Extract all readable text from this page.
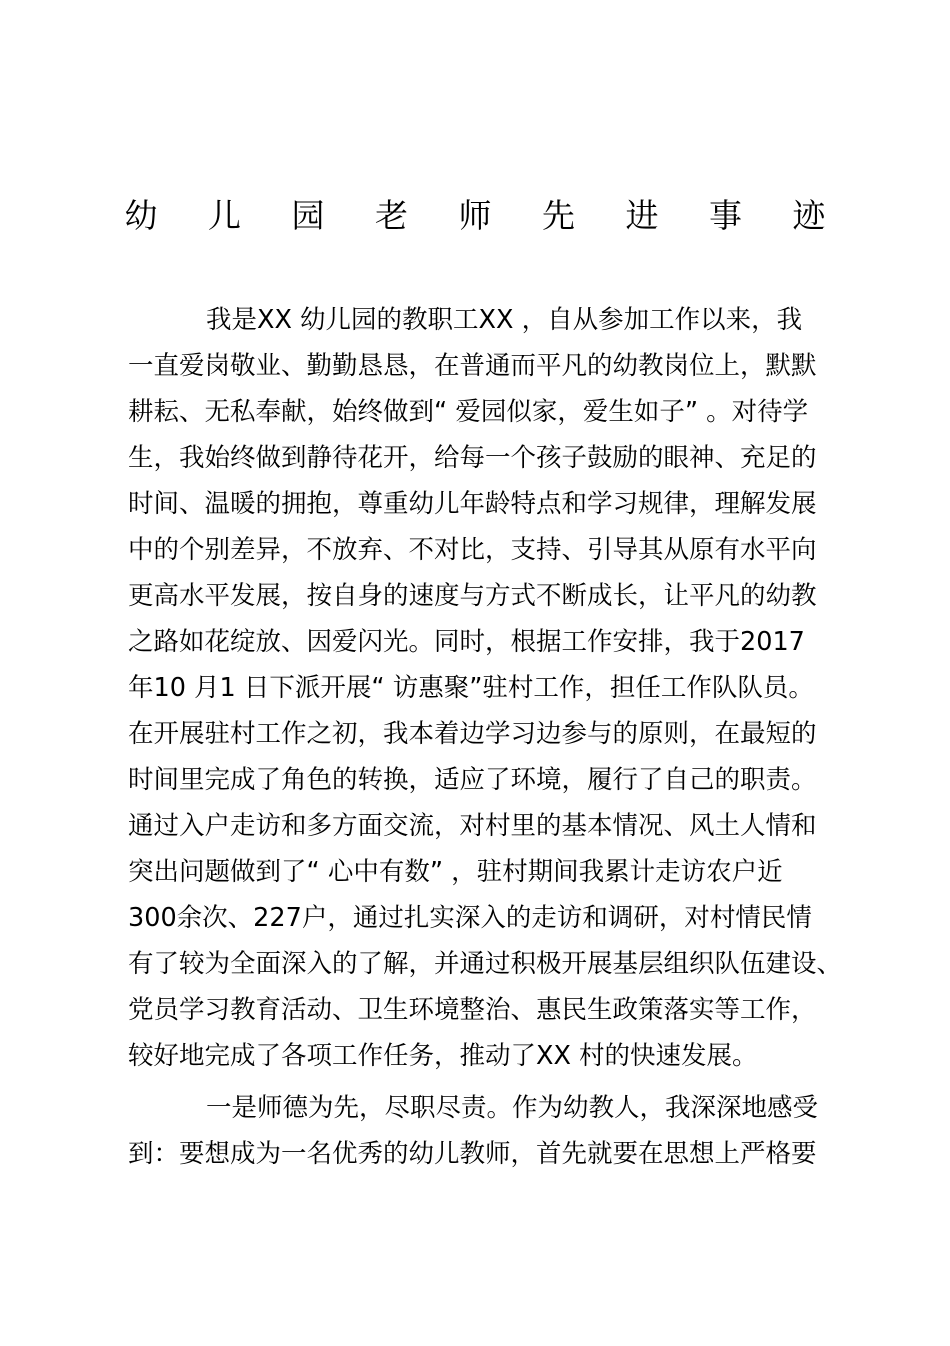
幼 儿 园 老 师 先 进 事 迹
我是XX 幼儿园的教职工XX ，自从参加工作以来，我
一直爱岗敬业、勤勤恳恳，在普通而平凡的幼教岗位上，默默
耕耘、无私奉献，始终做到“ 爱园似家，爱生如子” 。对待学
生，我始终做到静待花开，给每一个孩子鼓励的眼神、充足的
时间、温暖的拥抱，尊重幼儿年龄特点和学习规律，理解发展
中的个别差异，不放弃、不对比，支持、引导其从原有水平向
更高水平发展，按自身的速度与方式不断成长，让平凡的幼教
之路如花绽放、因爱闪光。同时，根据工作安排，我于2017
年10 月1 日下派开展“ 访惠聚”驻村工作，担任工作队队员。
在开展驻村工作之初，我本着边学习边参与的原则，在最短的
时间里完成了角色的转换，适应了环境，履行了自己的职责。
通过入户走访和多方面交流，对村里的基本情况、风土人情和
突出问题做到了“ 心中有数” ，驻村期间我累计走访农户近
300余次、227户，通过扎实深入的走访和调研，对村情民情
有了较为全面深入的了解，并通过积极开展基层组织队伍建设、
党员学习教育活动、卫生环境整治、惠民生政策落实等工作，
较好地完成了各项工作任务，推动了XX 村的快速发展。
一是师德为先，尽职尽责。作为幼教人，我深深地感受
到：要想成为一名优秀的幼儿教师，首先就要在思想上严格要
